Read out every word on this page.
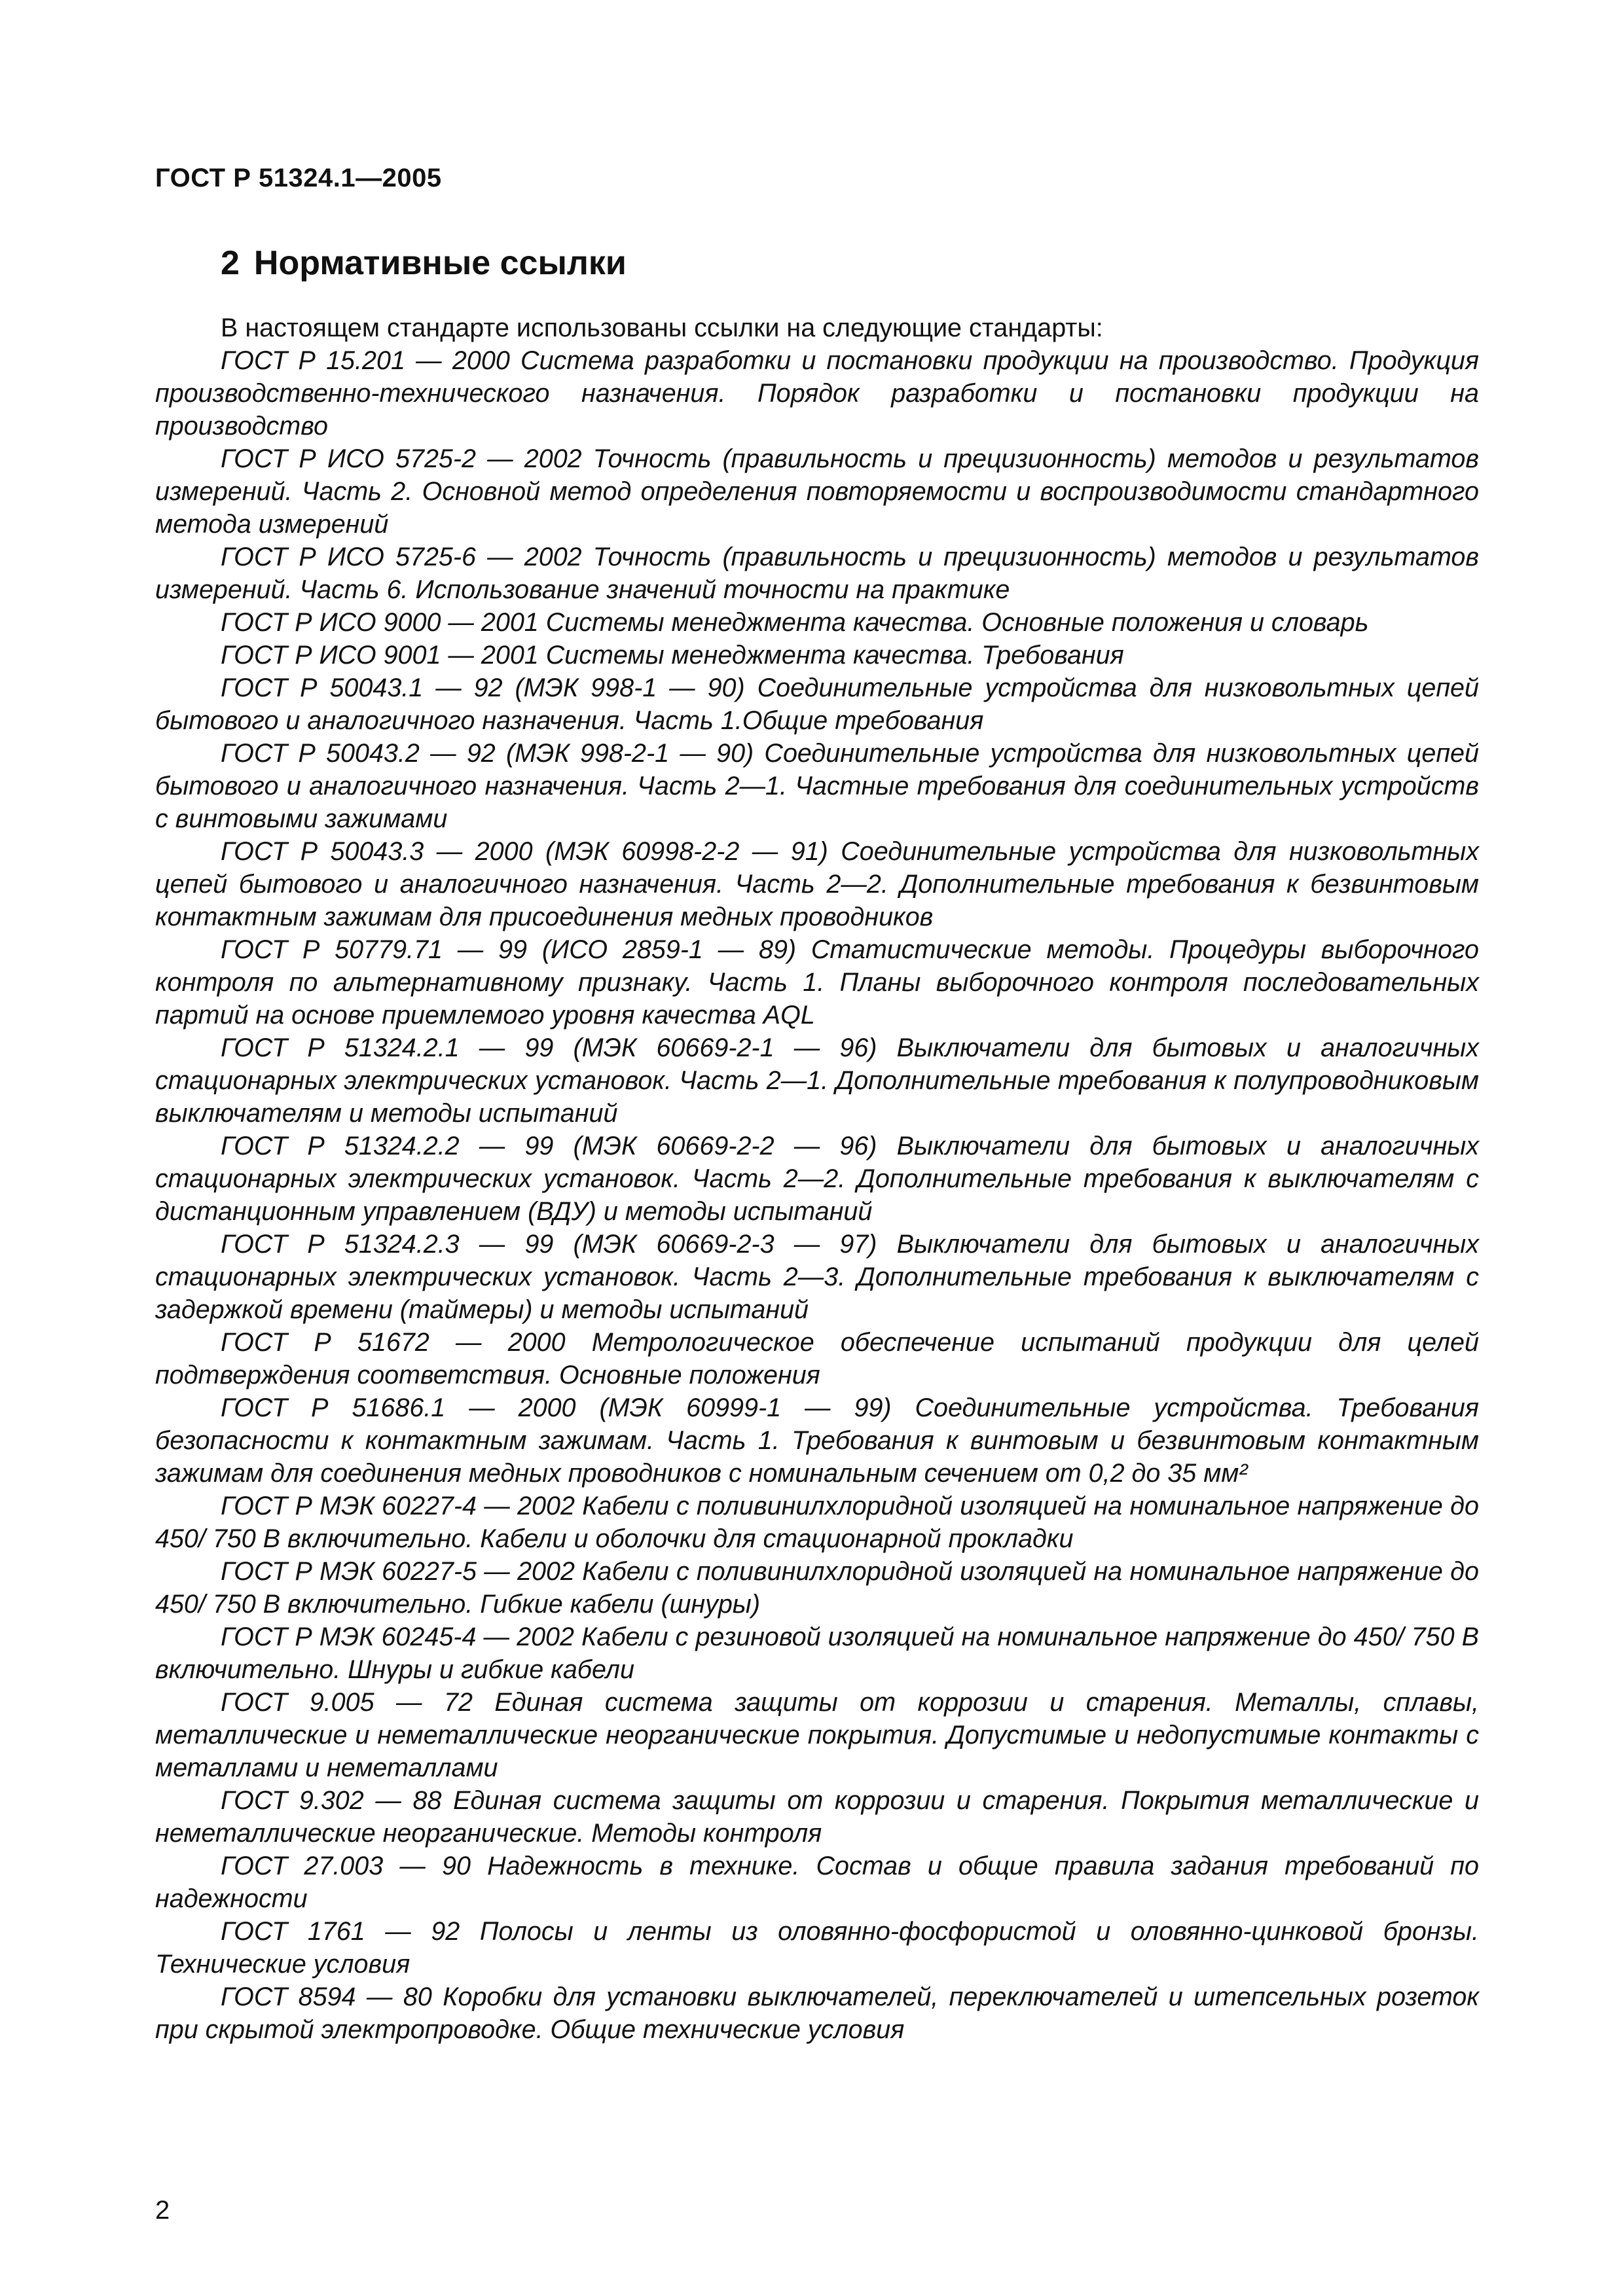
ГОСТ Р 51324.1—2005
2 Нормативные ссылки

В настоящем стандарте использованы ссылки на следующие стандарты:

ГОСТ Р 15.201 — 2000 Система разработки и постановки продукции на производство. Продукция производственно-технического назначения. Порядок разработки и постановки продукции на производство

ГОСТ Р ИСО 5725-2 — 2002 Точность (правильность и прецизионность) методов и результатов измерений. Часть 2. Основной метод определения повторяемости и воспроизводимости стандартного метода измерений

ГОСТ Р ИСО 5725-6 — 2002 Точность (правильность и прецизионность) методов и результатов измерений. Часть 6. Использование значений точности на практике

ГОСТ Р ИСО 9000 — 2001 Системы менеджмента качества. Основные положения и словарь

ГОСТ Р ИСО 9001 — 2001 Системы менеджмента качества. Требования

ГОСТ Р 50043.1 — 92 (МЭК 998-1 — 90) Соединительные устройства для низковольтных цепей бытового и аналогичного назначения. Часть 1.Общие требования

ГОСТ Р 50043.2 — 92 (МЭК 998-2-1 — 90) Соединительные устройства для низковольтных цепей бытового и аналогичного назначения. Часть 2—1. Частные требования для соединительных устройств с винтовыми зажимами

ГОСТ Р 50043.3 — 2000 (МЭК 60998-2-2 — 91) Соединительные устройства для низковольтных цепей бытового и аналогичного назначения. Часть 2—2. Дополнительные требования к безвинтовым контактным зажимам для присоединения медных проводников

ГОСТ Р 50779.71 — 99 (ИСО 2859-1 — 89) Статистические методы. Процедуры выборочного контроля по альтернативному признаку. Часть 1. Планы выборочного контроля последовательных партий на основе приемлемого уровня качества AQL

ГОСТ Р 51324.2.1 — 99 (МЭК 60669-2-1 — 96) Выключатели для бытовых и аналогичных стационарных электрических установок. Часть 2—1. Дополнительные требования к полупроводниковым выключателям и методы испытаний

ГОСТ Р 51324.2.2 — 99 (МЭК 60669-2-2 — 96) Выключатели для бытовых и аналогичных стационарных электрических установок. Часть 2—2. Дополнительные требования к выключателям с дистанционным управлением (ВДУ) и методы испытаний

ГОСТ Р 51324.2.3 — 99 (МЭК 60669-2-3 — 97) Выключатели для бытовых и аналогичных стационарных электрических установок. Часть 2—3. Дополнительные требования к выключателям с задержкой времени (таймеры) и методы испытаний

ГОСТ Р 51672 — 2000 Метрологическое обеспечение испытаний продукции для целей подтверждения соответствия. Основные положения

ГОСТ Р 51686.1 — 2000 (МЭК 60999-1 — 99) Соединительные устройства. Требования безопасности к контактным зажимам. Часть 1. Требования к винтовым и безвинтовым контактным зажимам для соединения медных проводников с номинальным сечением от 0,2 до 35 мм²

ГОСТ Р МЭК 60227-4 — 2002 Кабели с поливинилхлоридной изоляцией на номинальное напряжение до 450/ 750 В включительно. Кабели и оболочки для стационарной прокладки

ГОСТ Р МЭК 60227-5 — 2002 Кабели с поливинилхлоридной изоляцией на номинальное напряжение до 450/ 750 В включительно. Гибкие кабели (шнуры)

ГОСТ Р МЭК 60245-4 — 2002 Кабели с резиновой изоляцией на номинальное напряжение до 450/ 750 В включительно. Шнуры и гибкие кабели

ГОСТ 9.005 — 72 Единая система защиты от коррозии и старения. Металлы, сплавы, металлические и неметаллические неорганические покрытия. Допустимые и недопустимые контакты с металлами и неметаллами

ГОСТ 9.302 — 88 Единая система защиты от коррозии и старения. Покрытия металлические и неметаллические неорганические. Методы контроля

ГОСТ 27.003 — 90 Надежность в технике. Состав и общие правила задания требований по надежности

ГОСТ 1761 — 92 Полосы и ленты из оловянно-фосфористой и оловянно-цинковой бронзы. Технические условия

ГОСТ 8594 — 80 Коробки для установки выключателей, переключателей и штепсельных розеток при скрытой электропроводке. Общие технические условия

2
